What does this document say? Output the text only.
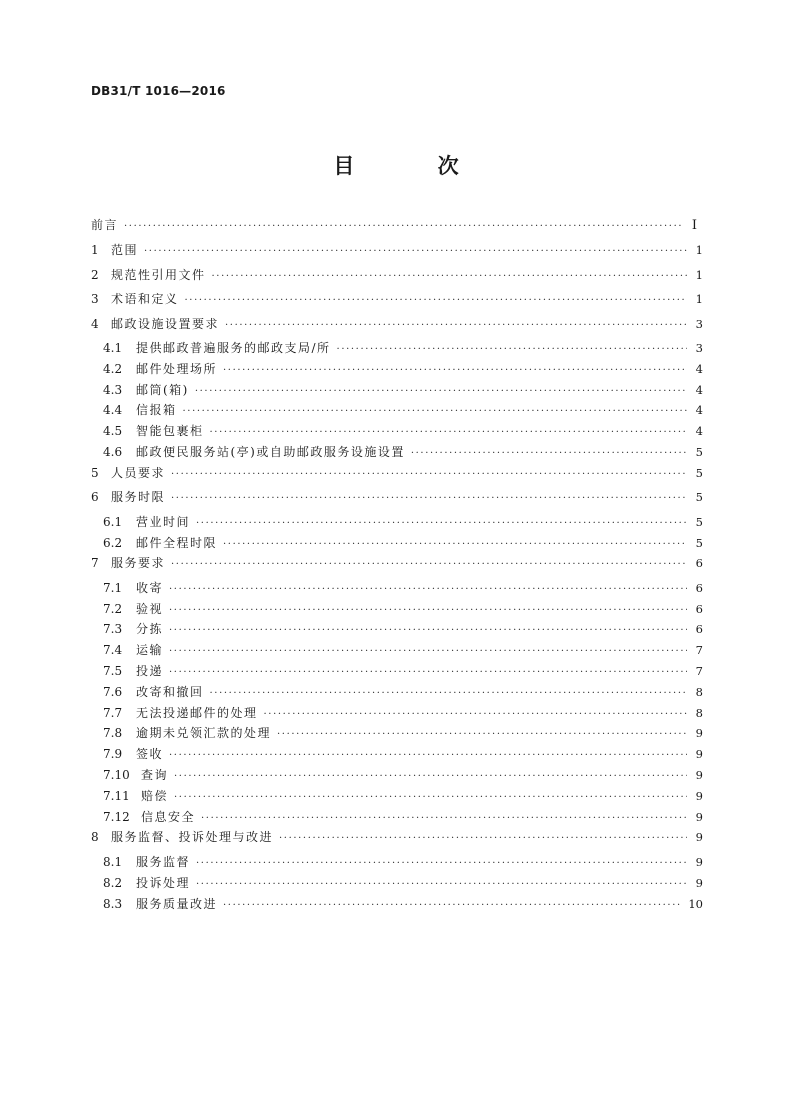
DB31/T 1016—2016
目 次
前言 ·····	I
1	范围 ·····	1
2	规范性引用文件 ·····	1
3	术语和定义 ·····	1
4	邮政设施设置要求 ·····	3
4.1	提供邮政普遍服务的邮政支局/所 ·····	3
4.2	邮件处理场所 ·····	4
4.3	邮筒(箱) ·····	4
4.4	信报箱 ·····	4
4.5	智能包裹柜 ·····	4
4.6	邮政便民服务站(亭)或自助邮政服务设施设置 ·····	5
5	人员要求 ·····	5
6	服务时限 ·····	5
6.1	营业时间 ·····	5
6.2	邮件全程时限 ·····	5
7	服务要求 ·····	6
7.1	收寄 ·····	6
7.2	验视 ·····	6
7.3	分拣 ·····	6
7.4	运输 ·····	7
7.5	投递 ·····	7
7.6	改寄和撤回 ·····	8
7.7	无法投递邮件的处理 ·····	8
7.8	逾期未兑领汇款的处理 ·····	9
7.9	签收 ·····	9
7.10 查询 ·····	9
7.11 赔偿 ·····	9
7.12 信息安全 ·····	9
8	服务监督、投诉处理与改进 ·····	9
8.1	服务监督 ·····	9
8.2	投诉处理 ·····	9
8.3	服务质量改进 ·····	10
